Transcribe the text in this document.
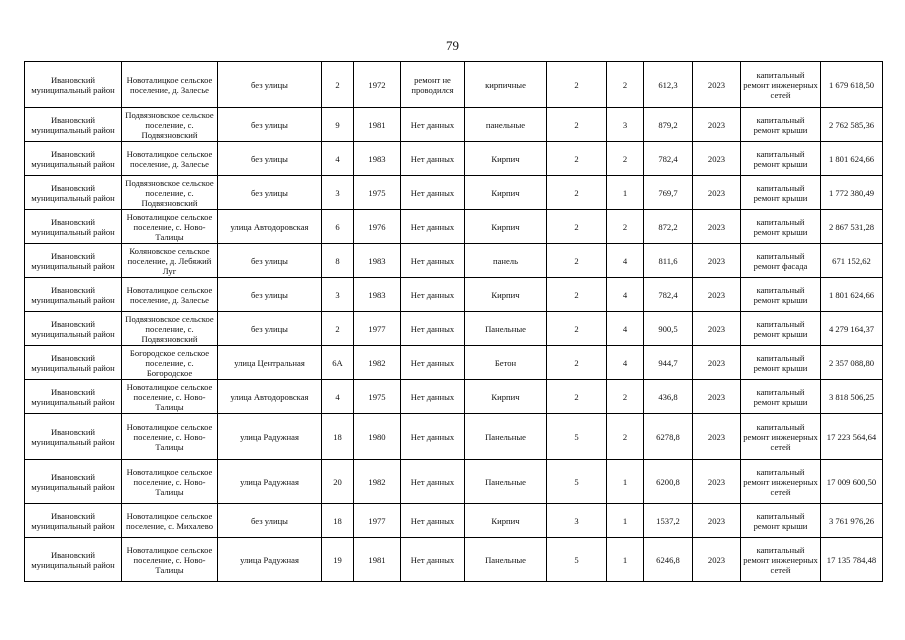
79
Ивановский муниципальный район	Новоталицкое сельское поселение, д. Залесье	без улицы	2	1972	ремонт не проводился	кирпичные	2	2	612,3	2023	капитальный ремонт инженерных сетей	1 679 618,50
Ивановский муниципальный район	Подвязновское сельское поселение, с. Подвязновский	без улицы	9	1981	Нет данных	панельные	2	3	879,2	2023	капитальный ремонт крыши	2 762 585,36
Ивановский муниципальный район	Новоталицкое сельское поселение, д. Залесье	без улицы	4	1983	Нет данных	Кирпич	2	2	782,4	2023	капитальный ремонт крыши	1 801 624,66
Ивановский муниципальный район	Подвязновское сельское поселение, с. Подвязновский	без улицы	3	1975	Нет данных	Кирпич	2	1	769,7	2023	капитальный ремонт крыши	1 772 380,49
Ивановский муниципальный район	Новоталицкое сельское поселение, с. Ново-Талицы	улица Автодоровская	6	1976	Нет данных	Кирпич	2	2	872,2	2023	капитальный ремонт крыши	2 867 531,28
Ивановский муниципальный район	Коляновское сельское поселение, д. Лебяжий Луг	без улицы	8	1983	Нет данных	панель	2	4	811,6	2023	капитальный ремонт фасада	671 152,62
Ивановский муниципальный район	Новоталицкое сельское поселение, д. Залесье	без улицы	3	1983	Нет данных	Кирпич	2	4	782,4	2023	капитальный ремонт крыши	1 801 624,66
Ивановский муниципальный район	Подвязновское сельское поселение, с. Подвязновский	без улицы	2	1977	Нет данных	Панельные	2	4	900,5	2023	капитальный ремонт крыши	4 279 164,37
Ивановский муниципальный район	Богородское сельское поселение, с. Богородское	улица Центральная	6А	1982	Нет данных	Бетон	2	4	944,7	2023	капитальный ремонт крыши	2 357 088,80
Ивановский муниципальный район	Новоталицкое сельское поселение, с. Ново-Талицы	улица Автодоровская	4	1975	Нет данных	Кирпич	2	2	436,8	2023	капитальный ремонт крыши	3 818 506,25
Ивановский муниципальный район	Новоталицкое сельское поселение, с. Ново-Талицы	улица Радужная	18	1980	Нет данных	Панельные	5	2	6278,8	2023	капитальный ремонт инженерных сетей	17 223 564,64
Ивановский муниципальный район	Новоталицкое сельское поселение, с. Ново-Талицы	улица Радужная	20	1982	Нет данных	Панельные	5	1	6200,8	2023	капитальный ремонт инженерных сетей	17 009 600,50
Ивановский муниципальный район	Новоталицкое сельское поселение, с. Михалево	без улицы	18	1977	Нет данных	Кирпич	3	1	1537,2	2023	капитальный ремонт крыши	3 761 976,26
Ивановский муниципальный район	Новоталицкое сельское поселение, с. Ново-Талицы	улица Радужная	19	1981	Нет данных	Панельные	5	1	6246,8	2023	капитальный ремонт инженерных сетей	17 135 784,48
